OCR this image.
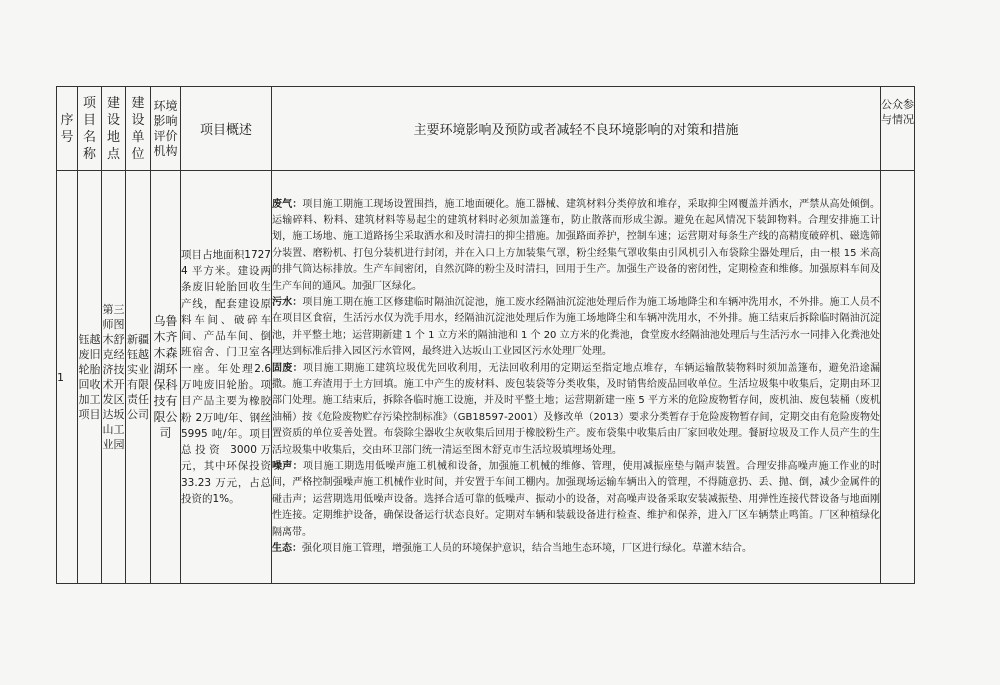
序号	项目名称	建设地点	建设单位	环境影响评价机构	项目概述	主要环境影响及预防或者减轻不良环境影响的对策和措施	公众参与情况
1	钰越废旧轮胎回收加工项目	第三师图木舒克经济技术开发区达坂山工业园	新疆钰越实业有限责任公司	乌鲁木齐木森湖环保科技有限公司	项目占地面积17274 平方米。建设两条废旧轮胎回收生产线，配套建设原料车间、破碎车间、产品车间、倒班宿舍、门卫室各一座。年处理2.6万吨废旧轮胎。项目产品主要为橡胶粉 2万吨/年、钢丝5995 吨/年。项目总投资 3000万元，其中环保投资 33.23 万元，占总投资的1%。	废气：项目施工期施工现场设置围挡，施工地面硬化。施工器械、建筑材料分类停放和堆存，采取抑尘网覆盖并洒水，严禁从高处倾倒。运输碎料、粉料、建筑材料等易起尘的建筑材料时必须加盖篷布，防止散落而形成尘源。避免在起风情况下装卸物料。合理安排施工计划，施工场地、施工道路扬尘采取洒水和及时清扫的抑尘措施。加强路面养护，控制车速；运营期对每条生产线的高精度破碎机、磁选筛分装置、磨粉机、打包分装机进行封闭，并在入口上方加装集气罩，粉尘经集气罩收集由引风机引入布袋除尘器处理后，由一根 15 米高的排气筒达标排放。生产车间密闭，自然沉降的粉尘及时清扫，回用于生产。加强生产设备的密闭性，定期检查和维修。加强原料车间及生产车间的通风。加强厂区绿化。

污水：项目施工期在施工区修建临时隔油沉淀池，施工废水经隔油沉淀池处理后作为施工场地降尘和车辆冲洗用水，不外排。施工人员不在项目区食宿，生活污水仅为洗手用水，经隔油沉淀池处理后作为施工场地降尘和车辆冲洗用水，不外排。施工结束后拆除临时隔油沉淀池，并平整土地；运营期新建 1 个 1 立方米的隔油池和 1 个 20 立方米的化粪池，食堂废水经隔油池处理后与生活污水一同排入化粪池处理达到标准后排入园区污水管网，最终进入达坂山工业园区污水处理厂处理。

固废：项目施工期施工建筑垃圾优先回收利用，无法回收利用的定期运至指定地点堆存，车辆运输散装物料时须加盖篷布，避免沿途漏撒。施工弃渣用于土方回填。施工中产生的废材料、废包装袋等分类收集，及时销售给废品回收单位。生活垃圾集中收集后，定期由环卫部门处理。施工结束后，拆除各临时施工设施，并及时平整土地；运营期新建一座 5 平方米的危险废物暂存间，废机油、废包装桶（废机油桶）按《危险废物贮存污染控制标准》（GB18597-2001）及修改单（2013）要求分类暂存于危险废物暂存间，定期交由有危险废物处置资质的单位妥善处置。布袋除尘器收尘灰收集后回用于橡胶粉生产。废布袋集中收集后由厂家回收处理。餐厨垃圾及工作人员产生的生活垃圾集中收集后，交由环卫部门统一清运至图木舒克市生活垃圾填埋场处理。

噪声：项目施工期选用低噪声施工机械和设备，加强施工机械的维修、管理，使用减振座垫与隔声装置。合理安排高噪声施工作业的时间，严格控制强噪声施工机械作业时间，并安置于车间工棚内。加强现场运输车辆出入的管理，不得随意扔、丢、抛、倒，减少金属件的碰击声；运营期选用低噪声设备。选择合适可靠的低噪声、振动小的设备，对高噪声设备采取安装减振垫、用弹性连接代替设备与地面刚性连接。定期维护设备，确保设备运行状态良好。定期对车辆和装载设备进行检查、维护和保养，进入厂区车辆禁止鸣笛。厂区种植绿化隔离带。

生态：强化项目施工管理，增强施工人员的环境保护意识，结合当地生态环境，厂区进行绿化。草灌木结合。	
